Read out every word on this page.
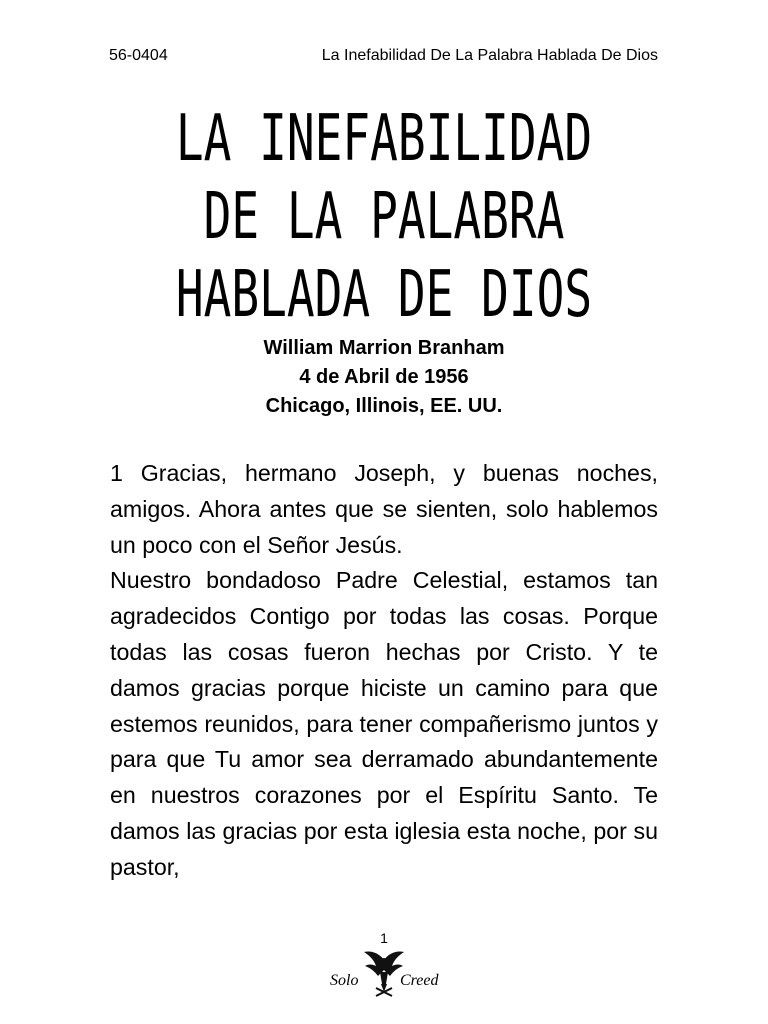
56-0404	La Inefabilidad De La Palabra Hablada De Dios
LA INEFABILIDAD
DE LA PALABRA
HABLADA DE DIOS
William Marrion Branham
4 de Abril de 1956
Chicago, Illinois, EE. UU.

1 Gracias, hermano Joseph, y buenas noches, amigos. Ahora antes que se sienten, solo hablemos un poco con el Señor Jesús.

Nuestro bondadoso Padre Celestial, estamos tan agradecidos Contigo por todas las cosas. Porque todas las cosas fueron hechas por Cristo. Y te damos gracias porque hiciste un camino para que estemos reunidos, para tener compañerismo juntos y para que Tu amor sea derramado abundantemente en nuestros corazones por el Espíritu Santo. Te damos las gracias por esta iglesia esta noche, por su pastor,

1
Solo	Creed
